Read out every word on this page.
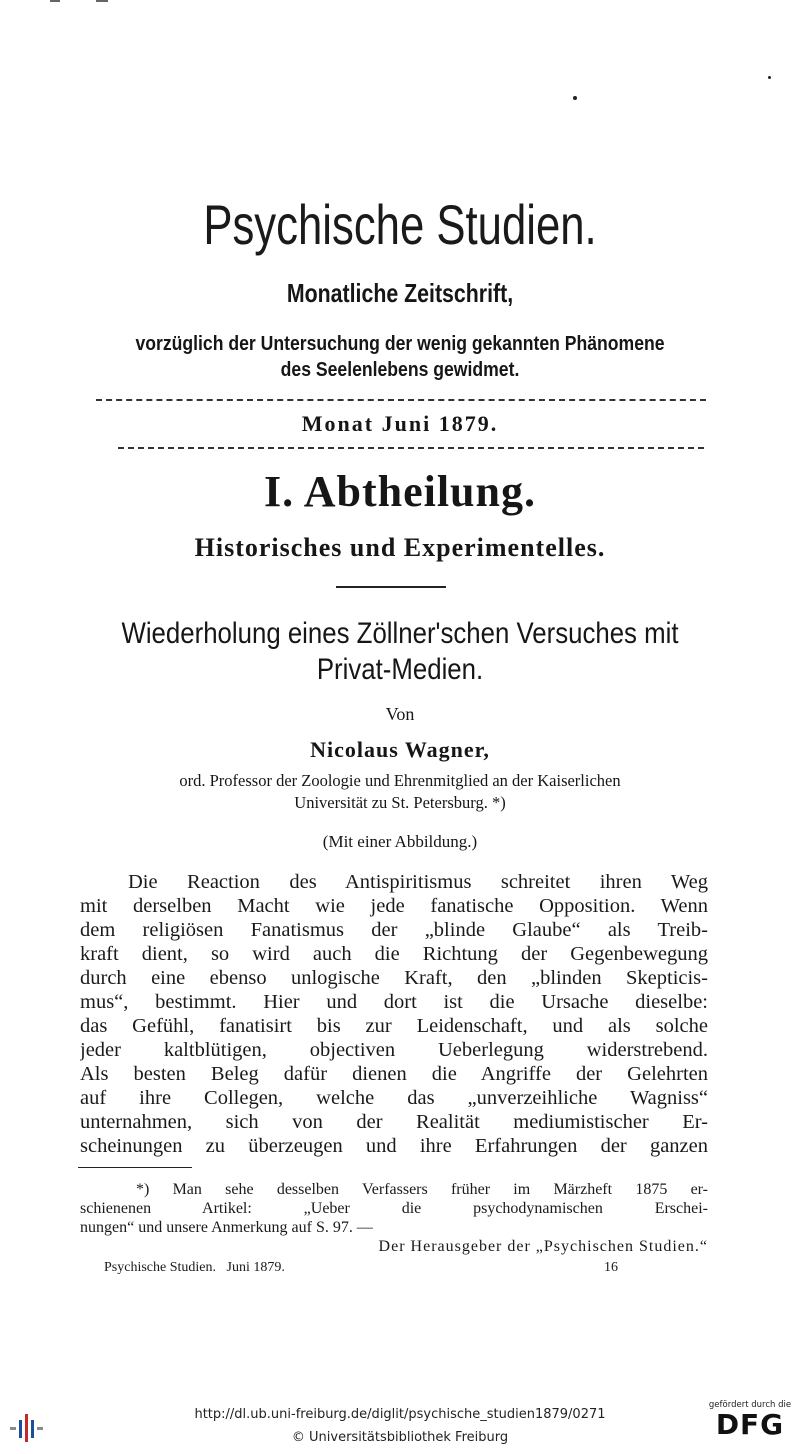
Psychische Studien.
Monatliche Zeitschrift,
vorzüglich der Untersuchung der wenig gekannten Phänomene
des Seelenlebens gewidmet.
Monat Juni 1879.
I. Abtheilung.
Historisches und Experimentelles.
Wiederholung eines Zöllner'schen Versuches mit
Privat-Medien.
Von
Nicolaus Wagner,
ord. Professor der Zoologie und Ehrenmitglied an der Kaiserlichen
Universität zu St. Petersburg. *)
(Mit einer Abbildung.)
Die Reaction des Antispiritismus schreitet ihren Weg
mit derselben Macht wie jede fanatische Opposition. Wenn
dem religiösen Fanatismus der „blinde Glaube“ als Treib-
kraft dient, so wird auch die Richtung der Gegenbewegung
durch eine ebenso unlogische Kraft, den „blinden Skepticis-
mus“, bestimmt. Hier und dort ist die Ursache dieselbe:
das Gefühl, fanatisirt bis zur Leidenschaft, und als solche
jeder kaltblütigen, objectiven Ueberlegung widerstrebend.
Als besten Beleg dafür dienen die Angriffe der Gelehrten
auf ihre Collegen, welche das „unverzeihliche Wagniss“
unternahmen, sich von der Realität mediumistischer Er-
scheinungen zu überzeugen und ihre Erfahrungen der ganzen
*) Man sehe desselben Verfassers früher im Märzheft 1875 er-
schienenen Artikel: „Ueber die psychodynamischen Erschei-
nungen“ und unsere Anmerkung auf S. 97. —
Der Herausgeber der „Psychischen Studien.“
Psychische Studien.   Juni 1879.	16
http://dl.ub.uni-freiburg.de/diglit/psychische_studien1879/0271
© Universitätsbibliothek Freiburg
gefördert durch die
DFG
